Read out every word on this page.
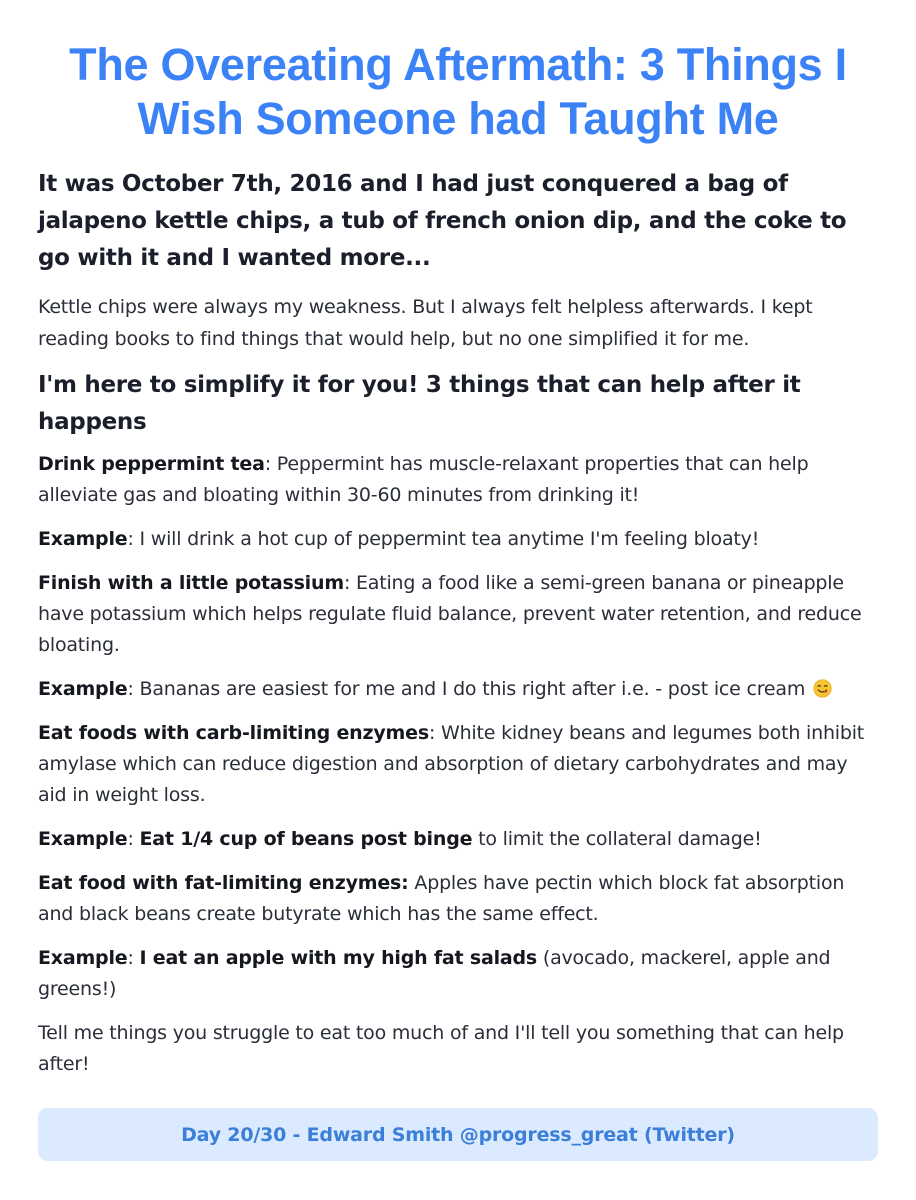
The Overeating Aftermath: 3 Things I Wish Someone had Taught Me

It was October 7th, 2016 and I had just conquered a bag of jalapeno kettle chips, a tub of french onion dip, and the coke to go with it and I wanted more...

Kettle chips were always my weakness. But I always felt helpless afterwards. I kept reading books to find things that would help, but no one simplified it for me.

I'm here to simplify it for you! 3 things that can help after it happens

Drink peppermint tea: Peppermint has muscle-relaxant properties that can help alleviate gas and bloating within 30-60 minutes from drinking it!

Example: I will drink a hot cup of peppermint tea anytime I'm feeling bloaty!

Finish with a little potassium: Eating a food like a semi-green banana or pineapple have potassium which helps regulate fluid balance, prevent water retention, and reduce bloating.

Example: Bananas are easiest for me and I do this right after i.e. - post ice cream

Eat foods with carb-limiting enzymes: White kidney beans and legumes both inhibit amylase which can reduce digestion and absorption of dietary carbohydrates and may aid in weight loss.

Example: Eat 1/4 cup of beans post binge to limit the collateral damage!

Eat food with fat-limiting enzymes: Apples have pectin which block fat absorption and black beans create butyrate which has the same effect.

Example: I eat an apple with my high fat salads (avocado, mackerel, apple and greens!)

Tell me things you struggle to eat too much of and I'll tell you something that can help after!

Day 20/30 - Edward Smith @progress_great (Twitter)
